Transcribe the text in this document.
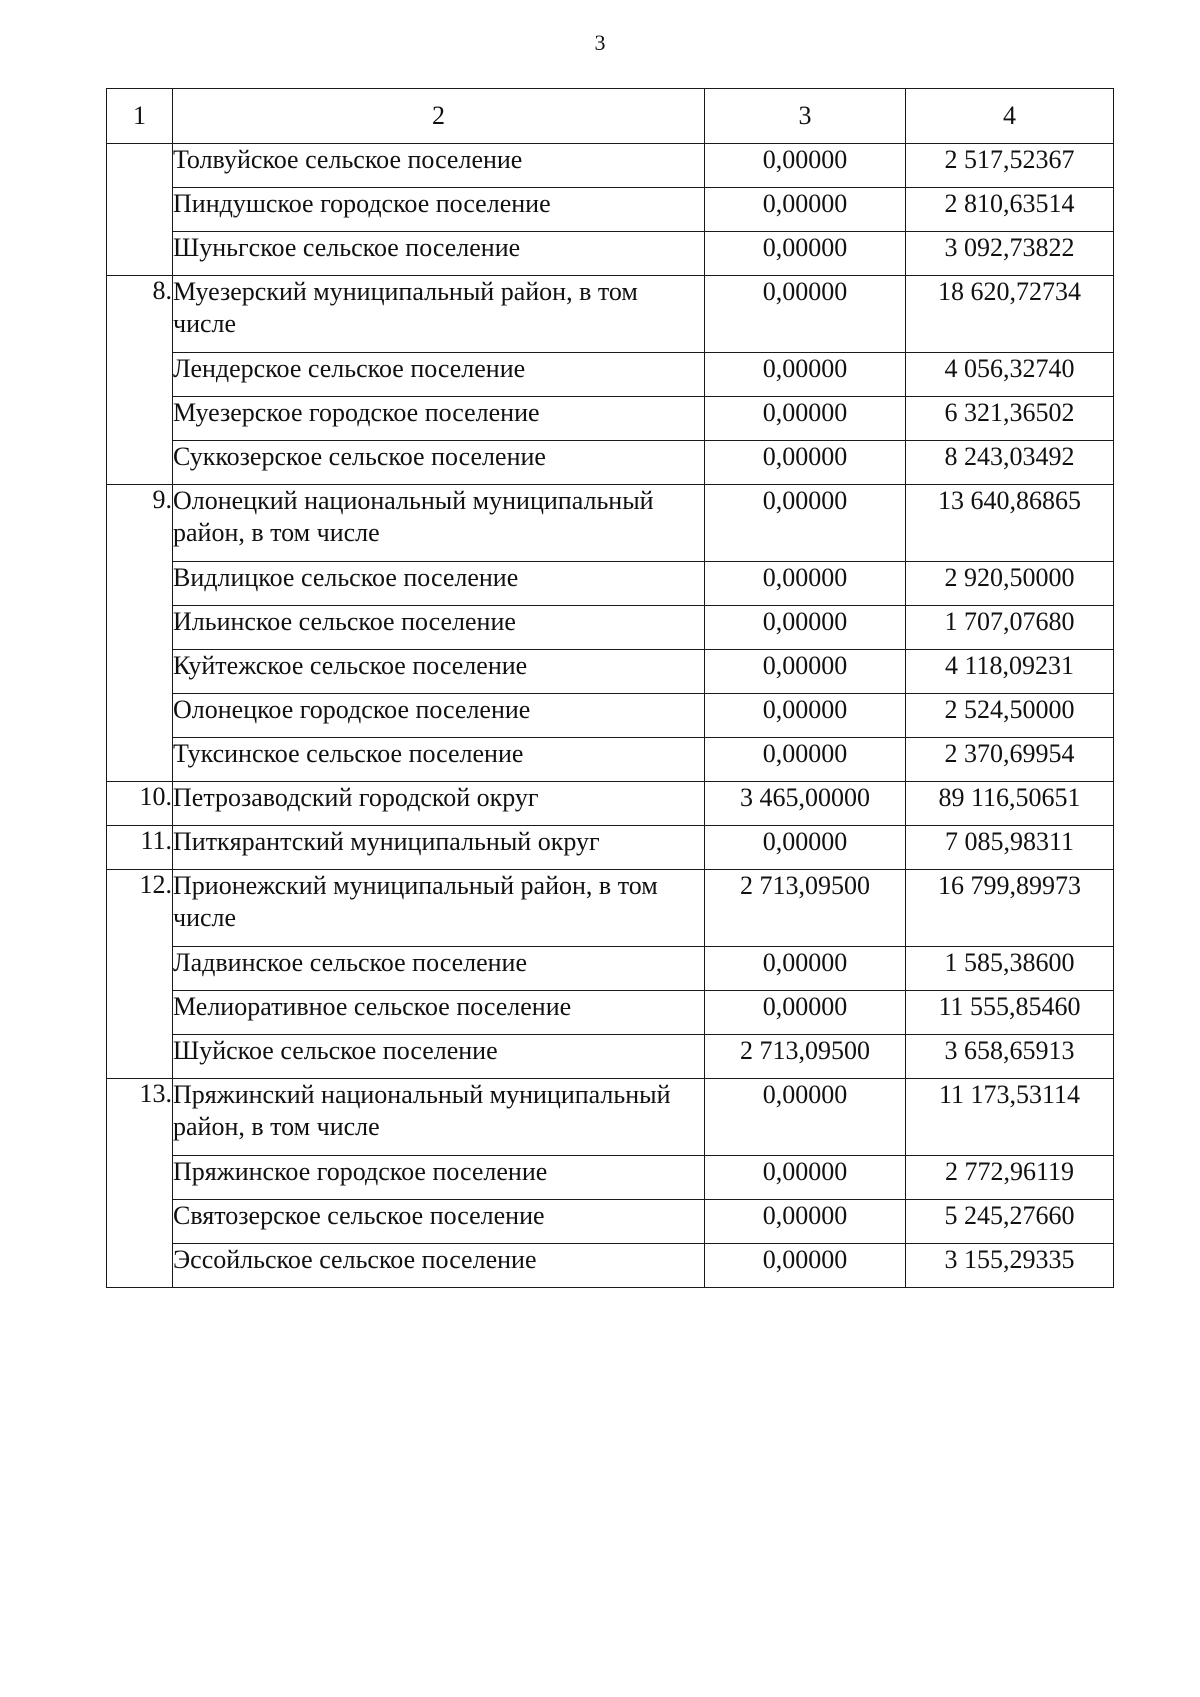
3
1	2	3	4
	Толвуйское сельское поселение	0,00000	2 517,52367
	Пиндушское городское поселение	0,00000	2 810,63514
	Шуньгское сельское поселение	0,00000	3 092,73822
8.	Муезерский муниципальный район, в том числе	0,00000	18 620,72734
	Лендерское сельское поселение	0,00000	4 056,32740
	Муезерское городское поселение	0,00000	6 321,36502
	Суккозерское сельское поселение	0,00000	8 243,03492
9.	Олонецкий национальный муниципальный район, в том числе	0,00000	13 640,86865
	Видлицкое сельское поселение	0,00000	2 920,50000
	Ильинское сельское поселение	0,00000	1 707,07680
	Куйтежское сельское поселение	0,00000	4 118,09231
	Олонецкое городское поселение	0,00000	2 524,50000
	Туксинское сельское поселение	0,00000	2 370,69954
10.	Петрозаводский городской округ	3 465,00000	89 116,50651
11.	Питкярантский муниципальный округ	0,00000	7 085,98311
12.	Прионежский муниципальный район, в том числе	2 713,09500	16 799,89973
	Ладвинское сельское поселение	0,00000	1 585,38600
	Мелиоративное сельское поселение	0,00000	11 555,85460
	Шуйское сельское поселение	2 713,09500	3 658,65913
13.	Пряжинский национальный муниципальный район, в том числе	0,00000	11 173,53114
	Пряжинское городское поселение	0,00000	2 772,96119
	Святозерское сельское поселение	0,00000	5 245,27660
	Эссойльское сельское поселение	0,00000	3 155,29335
